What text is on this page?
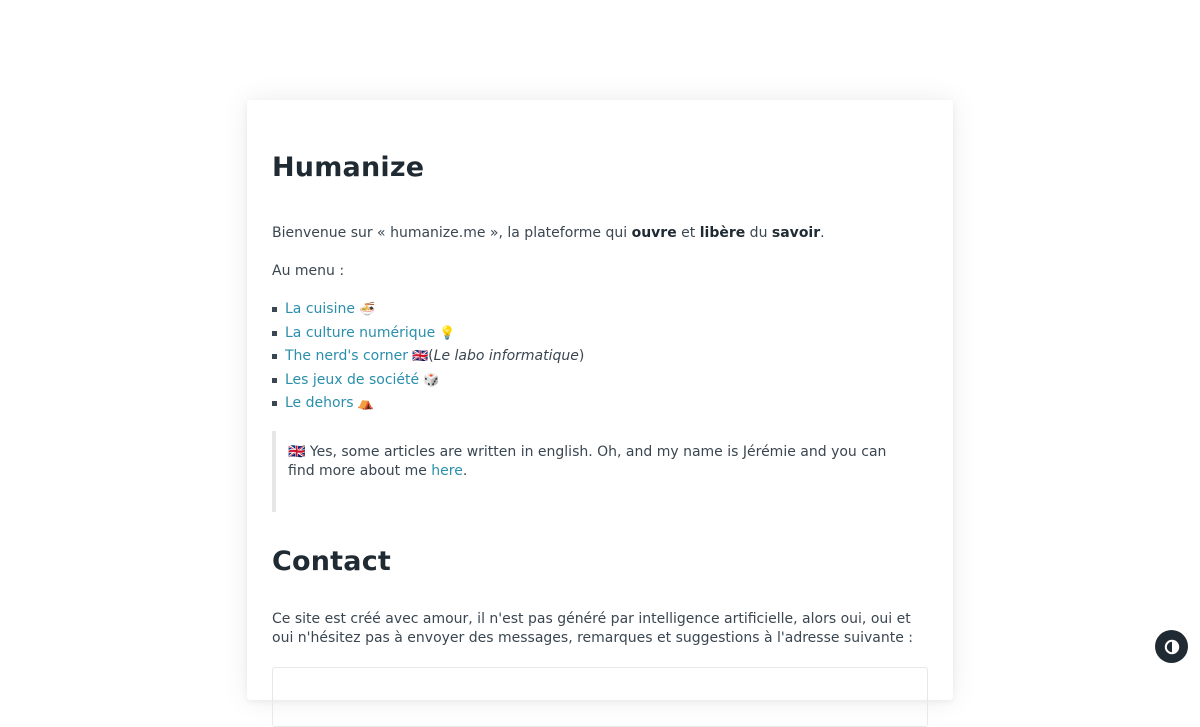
Humanize

Bienvenue sur « humanize.me », la plateforme qui ouvre et libère du savoir.

Au menu :

La cuisine 🍜
La culture numérique 💡
The nerd's corner 🇬🇧 (Le labo informatique)
Les jeux de société 🎲
Le dehors ⛺
🇬🇧 Yes, some articles are written in english. Oh, and my name is Jérémie and you can find more about me here.
Contact

Ce site est créé avec amour, il n'est pas généré par intelligence artificielle, alors oui, oui et oui n'hésitez pas à envoyer des messages, remarques et suggestions à l'adresse suivante :
